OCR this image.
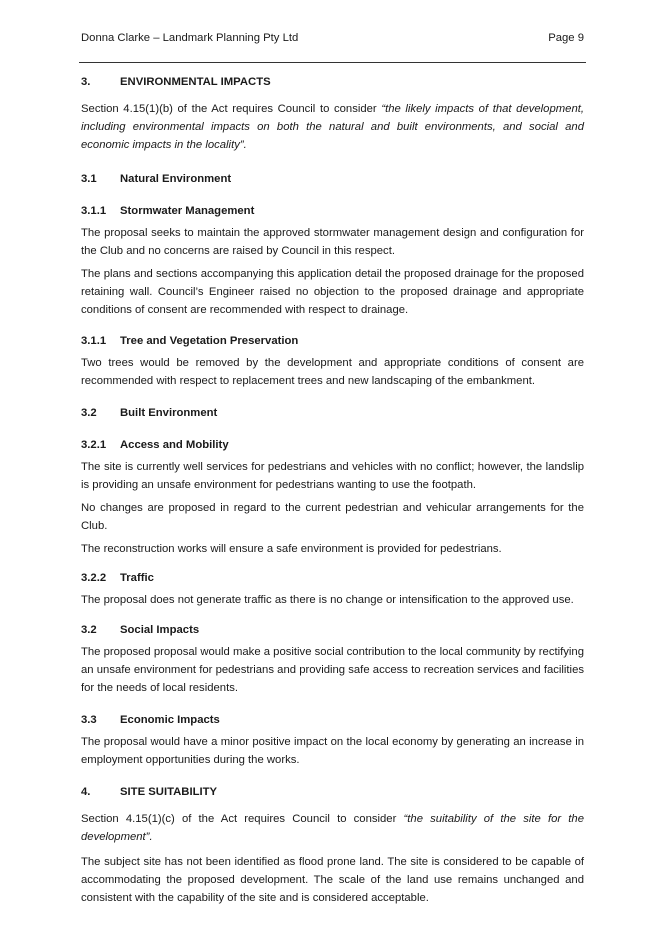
Donna Clarke – Landmark Planning Pty Ltd	Page 9
3.	ENVIRONMENTAL IMPACTS

Section 4.15(1)(b) of the Act requires Council to consider “the likely impacts of that development, including environmental impacts on both the natural and built environments, and social and economic impacts in the locality”.

3.1	Natural Environment
3.1.1	Stormwater Management

The proposal seeks to maintain the approved stormwater management design and configuration for the Club and no concerns are raised by Council in this respect.

The plans and sections accompanying this application detail the proposed drainage for the proposed retaining wall. Council’s Engineer raised no objection to the proposed drainage and appropriate conditions of consent are recommended with respect to drainage.

3.1.1	Tree and Vegetation Preservation

Two trees would be removed by the development and appropriate conditions of consent are recommended with respect to replacement trees and new landscaping of the embankment.

3.2	Built Environment
3.2.1	Access and Mobility

The site is currently well services for pedestrians and vehicles with no conflict; however, the landslip is providing an unsafe environment for pedestrians wanting to use the footpath.

No changes are proposed in regard to the current pedestrian and vehicular arrangements for the Club.

The reconstruction works will ensure a safe environment is provided for pedestrians.

3.2.2	Traffic

The proposal does not generate traffic as there is no change or intensification to the approved use.

3.2	Social Impacts

The proposed proposal would make a positive social contribution to the local community by rectifying an unsafe environment for pedestrians and providing safe access to recreation services and facilities for the needs of local residents.

3.3	Economic Impacts

The proposal would have a minor positive impact on the local economy by generating an increase in employment opportunities during the works.

4.	SITE SUITABILITY

Section 4.15(1)(c) of the Act requires Council to consider “the suitability of the site for the development”.

The subject site has not been identified as flood prone land. The site is considered to be capable of accommodating the proposed development. The scale of the land use remains unchanged and consistent with the capability of the site and is considered acceptable.
